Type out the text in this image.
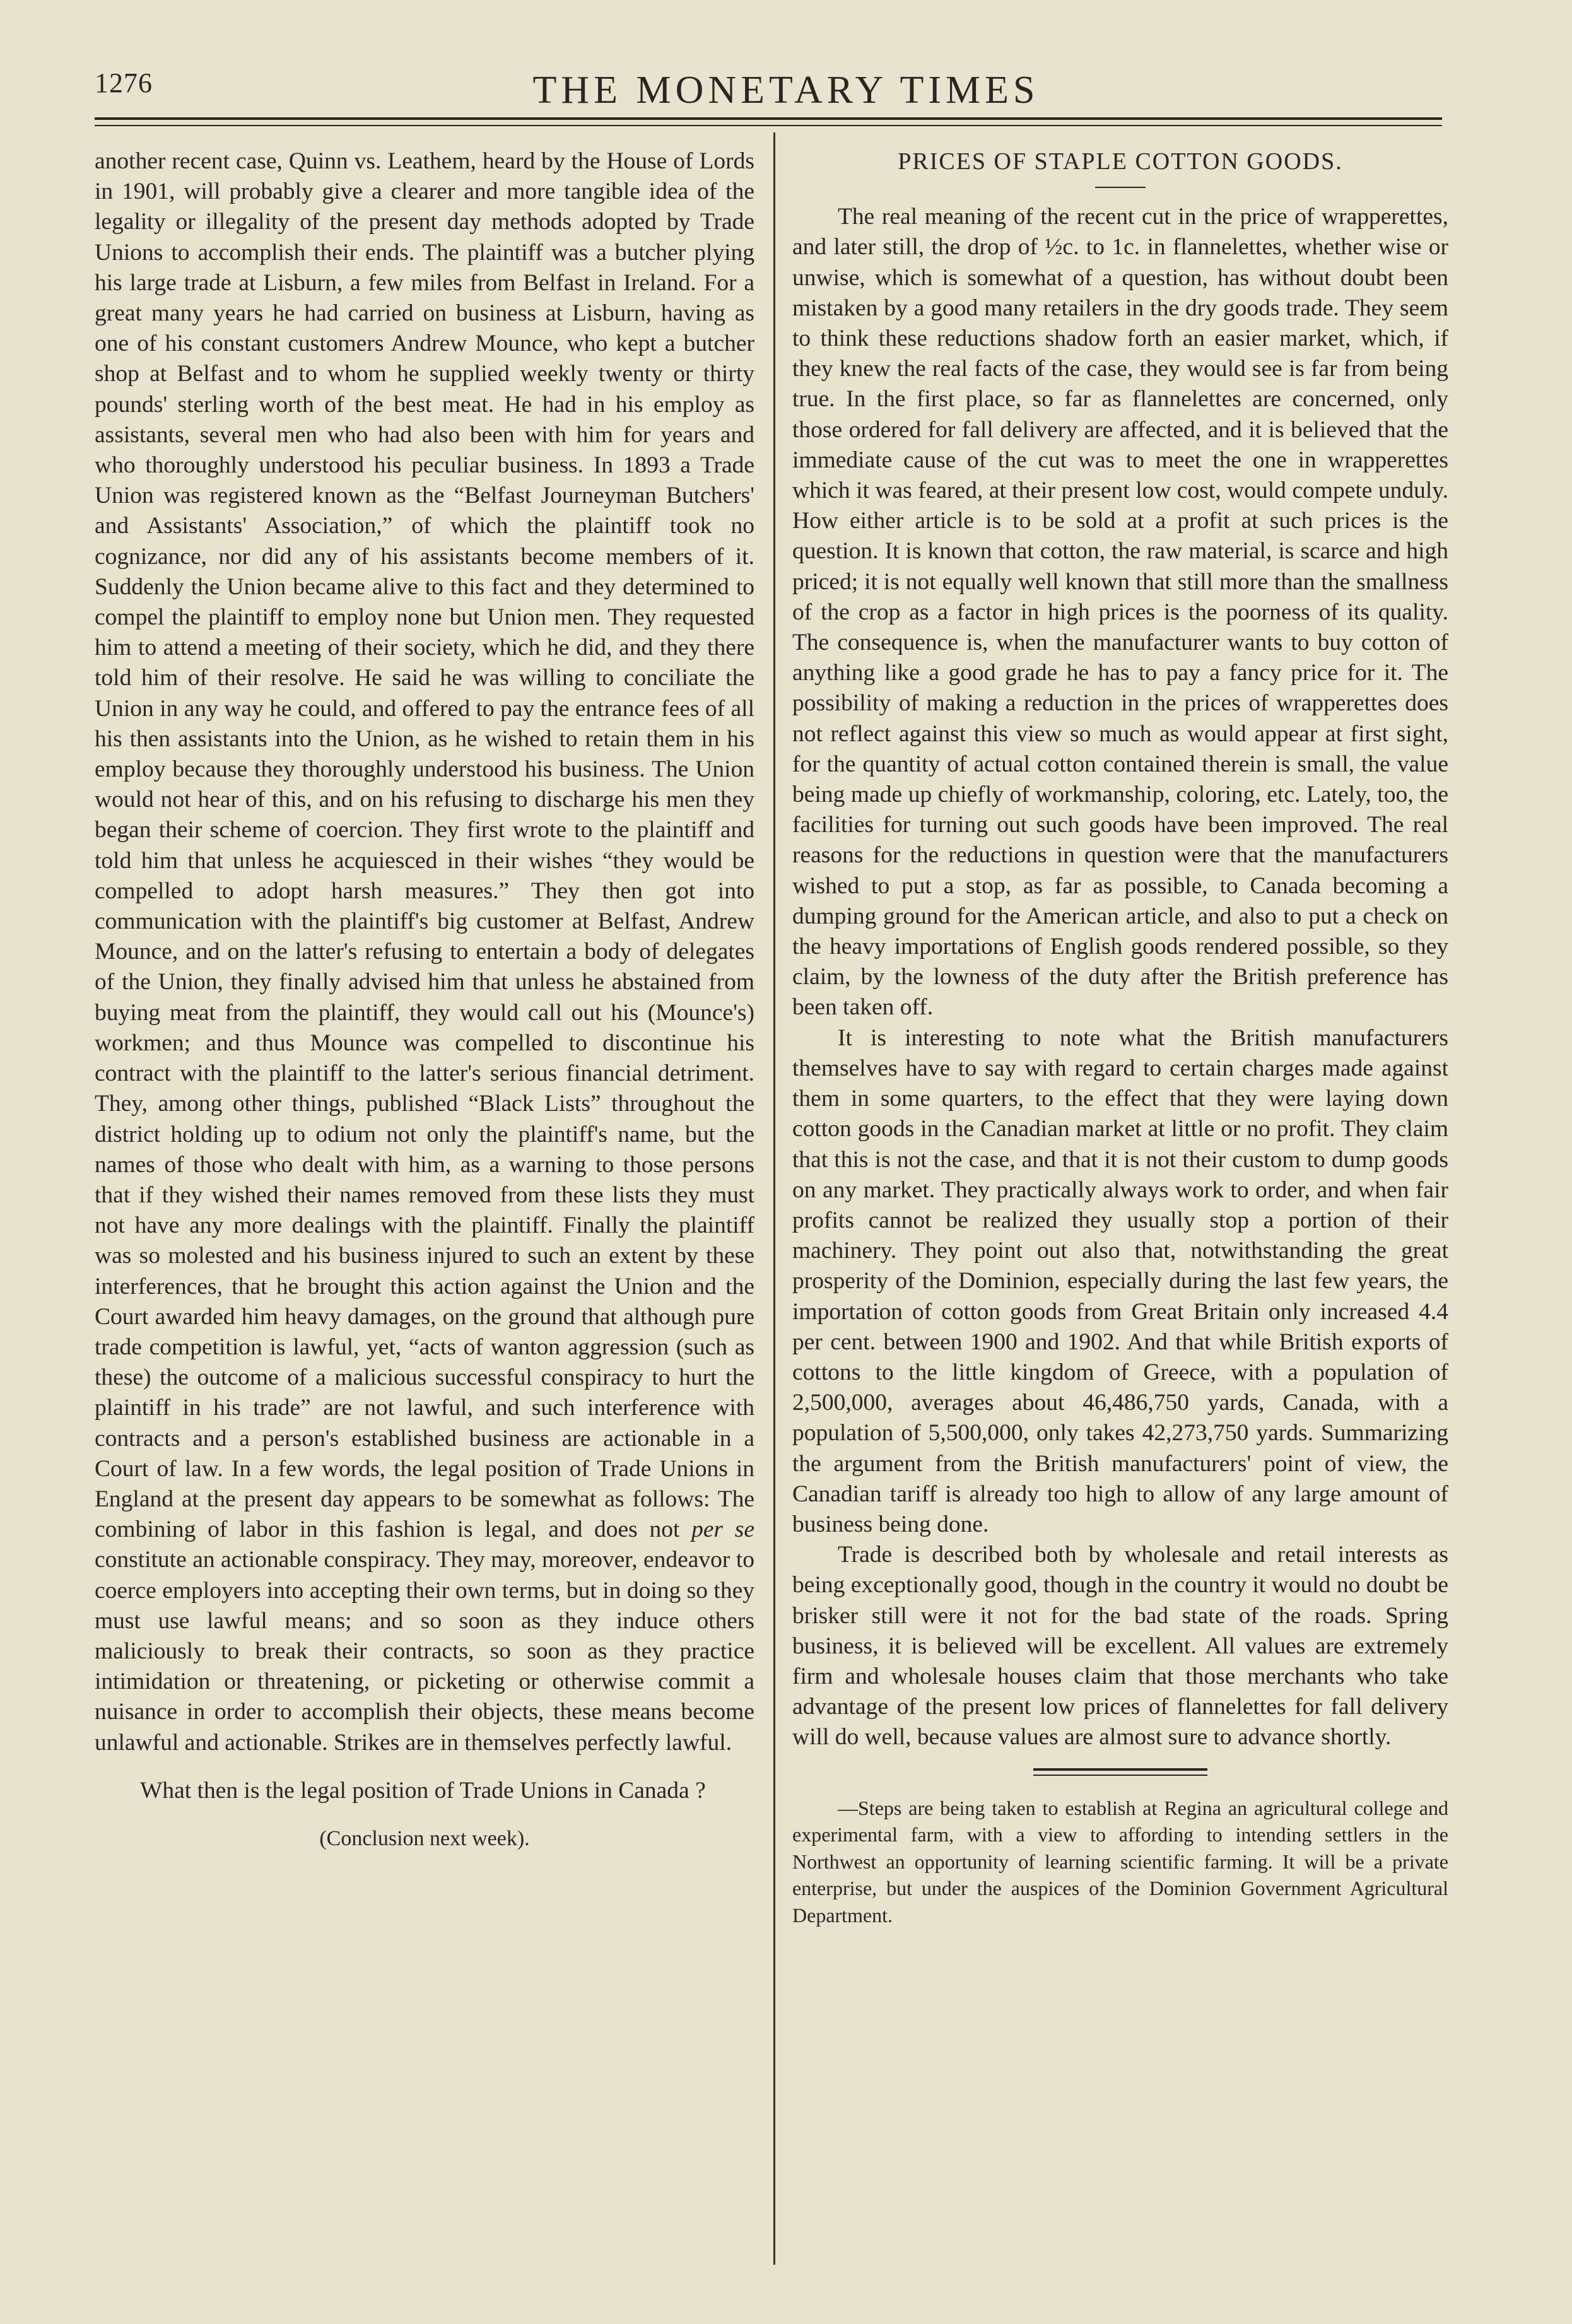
1276	THE MONETARY TIMES

another recent case, Quinn vs. Leathem, heard by the House of Lords in 1901, will probably give a clearer and more tangible idea of the legality or illegality of the present day methods adopted by Trade Unions to accomplish their ends. The plaintiff was a butcher plying his large trade at Lisburn, a few miles from Belfast in Ireland. For a great many years he had carried on business at Lisburn, having as one of his constant customers Andrew Mounce, who kept a butcher shop at Belfast and to whom he supplied weekly twenty or thirty pounds' sterling worth of the best meat. He had in his employ as assistants, several men who had also been with him for years and who thoroughly understood his peculiar business. In 1893 a Trade Union was registered known as the “Belfast Journeyman Butchers' and Assistants' Association,” of which the plaintiff took no cognizance, nor did any of his assistants become members of it. Suddenly the Union became alive to this fact and they determined to compel the plaintiff to employ none but Union men. They requested him to attend a meeting of their society, which he did, and they there told him of their resolve. He said he was willing to conciliate the Union in any way he could, and offered to pay the entrance fees of all his then assistants into the Union, as he wished to retain them in his employ because they thoroughly understood his business. The Union would not hear of this, and on his refusing to discharge his men they began their scheme of coercion. They first wrote to the plaintiff and told him that unless he acquiesced in their wishes “they would be compelled to adopt harsh measures.” They then got into communication with the plaintiff's big customer at Belfast, Andrew Mounce, and on the latter's refusing to entertain a body of delegates of the Union, they finally advised him that unless he abstained from buying meat from the plaintiff, they would call out his (Mounce's) workmen; and thus Mounce was compelled to discontinue his contract with the plaintiff to the latter's serious financial detriment. They, among other things, published “Black Lists” throughout the district holding up to odium not only the plaintiff's name, but the names of those who dealt with him, as a warning to those persons that if they wished their names removed from these lists they must not have any more dealings with the plaintiff. Finally the plaintiff was so molested and his business injured to such an extent by these interferences, that he brought this action against the Union and the Court awarded him heavy damages, on the ground that although pure trade competition is lawful, yet, “acts of wanton aggression (such as these) the outcome of a malicious successful conspiracy to hurt the plaintiff in his trade” are not lawful, and such interference with contracts and a person's established business are actionable in a Court of law. In a few words, the legal position of Trade Unions in England at the present day appears to be somewhat as follows: The combining of labor in this fashion is legal, and does not per se constitute an actionable conspiracy. They may, moreover, endeavor to coerce employers into accepting their own terms, but in doing so they must use lawful means; and so soon as they induce others maliciously to break their contracts, so soon as they practice intimidation or threatening, or picketing or otherwise commit a nuisance in order to accomplish their objects, these means become unlawful and actionable. Strikes are in themselves perfectly lawful.

What then is the legal position of Trade Unions in Canada ?

(Conclusion next week).
PRICES OF STAPLE COTTON GOODS.

The real meaning of the recent cut in the price of wrapperettes, and later still, the drop of ½c. to 1c. in flannelettes, whether wise or unwise, which is somewhat of a question, has without doubt been mistaken by a good many retailers in the dry goods trade. They seem to think these reductions shadow forth an easier market, which, if they knew the real facts of the case, they would see is far from being true. In the first place, so far as flannelettes are concerned, only those ordered for fall delivery are affected, and it is believed that the immediate cause of the cut was to meet the one in wrapperettes which it was feared, at their present low cost, would compete unduly. How either article is to be sold at a profit at such prices is the question. It is known that cotton, the raw material, is scarce and high priced; it is not equally well known that still more than the smallness of the crop as a factor in high prices is the poorness of its quality. The consequence is, when the manufacturer wants to buy cotton of anything like a good grade he has to pay a fancy price for it. The possibility of making a reduction in the prices of wrapperettes does not reflect against this view so much as would appear at first sight, for the quantity of actual cotton contained therein is small, the value being made up chiefly of workmanship, coloring, etc. Lately, too, the facilities for turning out such goods have been improved. The real reasons for the reductions in question were that the manufacturers wished to put a stop, as far as possible, to Canada becoming a dumping ground for the American article, and also to put a check on the heavy importations of English goods rendered possible, so they claim, by the lowness of the duty after the British preference has been taken off.

It is interesting to note what the British manufacturers themselves have to say with regard to certain charges made against them in some quarters, to the effect that they were laying down cotton goods in the Canadian market at little or no profit. They claim that this is not the case, and that it is not their custom to dump goods on any market. They practically always work to order, and when fair profits cannot be realized they usually stop a portion of their machinery. They point out also that, notwithstanding the great prosperity of the Dominion, especially during the last few years, the importation of cotton goods from Great Britain only increased 4.4 per cent. between 1900 and 1902. And that while British exports of cottons to the little kingdom of Greece, with a population of 2,500,000, averages about 46,486,750 yards, Canada, with a population of 5,500,000, only takes 42,273,750 yards. Summarizing the argument from the British manufacturers' point of view, the Canadian tariff is already too high to allow of any large amount of business being done.

Trade is described both by wholesale and retail interests as being exceptionally good, though in the country it would no doubt be brisker still were it not for the bad state of the roads. Spring business, it is believed will be excellent. All values are extremely firm and wholesale houses claim that those merchants who take advantage of the present low prices of flannelettes for fall delivery will do well, because values are almost sure to advance shortly.

—Steps are being taken to establish at Regina an agricultural college and experimental farm, with a view to affording to intending settlers in the Northwest an opportunity of learning scientific farming. It will be a private enterprise, but under the auspices of the Dominion Government Agricultural Department.
